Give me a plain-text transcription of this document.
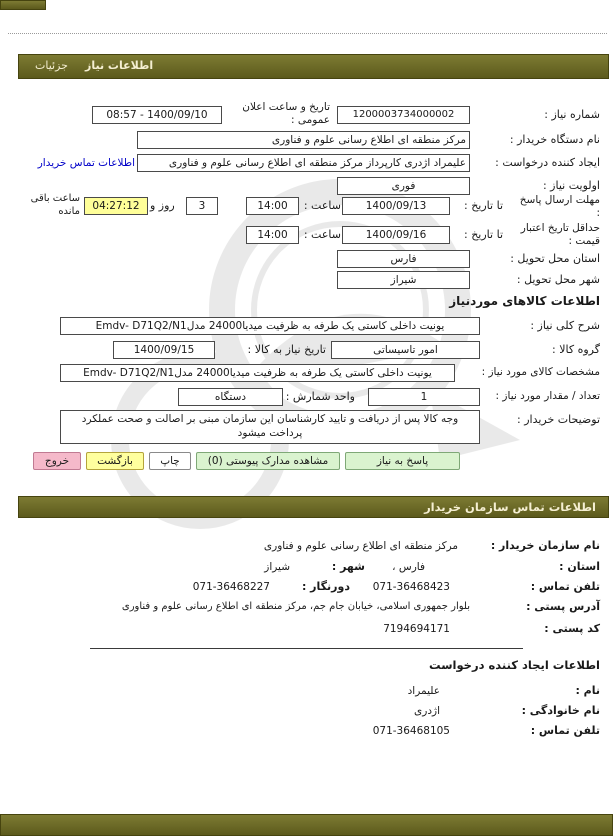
جزئیات اطلاعات نیاز
شماره نیاز :
1200003734000002
تاریخ و ساعت اعلان عمومی :
1400/09/10 - 08:57
نام دستگاه خریدار :
مرکز منطقه ای اطلاع رسانی علوم و فناوری
ایجاد کننده درخواست :
علیمراد اژدری کارپرداز مرکز منطقه ای اطلاع رسانی علوم و فناوری
اطلاعات تماس خریدار
اولویت نیاز :
فوری
مهلت ارسال پاسخ :
تا تاریخ :
1400/09/13
ساعت :
14:00
3
روز و
04:27:12
ساعت باقی مانده
حداقل تاریخ اعتبار قیمت :
تا تاریخ :
1400/09/16
ساعت :
14:00
استان محل تحویل :
فارس
شهر محل تحویل :
شیراز
اطلاعات کالاهای موردنیاز
شرح کلی نیاز :
یونیت داخلی کاستی یک طرفه به ظرفیت میدیا24000 مدلEmdv- D71Q2/N1
گروه کالا :
امور تاسیساتی
تاریخ نیاز به کالا :
1400/09/15
مشخصات کالای مورد نیاز :
یونیت داخلی کاستی یک طرفه به ظرفیت میدیا24000 مدلEmdv- D71Q2/N1
تعداد / مقدار مورد نیاز :
1
واحد شمارش :
دستگاه
توضیحات خریدار :
وجه کالا پس از دریافت و تایید کارشناسان این سازمان مبنی بر اصالت و صحت عملکرد پرداخت میشود
پاسخ به نیاز
مشاهده مدارک پیوستی (0)
چاپ
بازگشت
خروج
اطلاعات تماس سازمان خریدار
نام سازمان خریدار :
مرکز منطقه ای اطلاع رسانی علوم و فناوری
استان :
فارس ،
شهر :
شیراز
تلفن تماس :
071-36468423
دورنگار :
071-36468227
آدرس پستی :
بلوار جمهوری اسلامی، خیابان جام جم، مرکز منطقه ای اطلاع رسانی علوم و فناوری
کد پستی :
7194694171
اطلاعات ایجاد کننده درخواست
نام :
علیمراد
نام خانوادگی :
اژدری
تلفن تماس :
071-36468105
